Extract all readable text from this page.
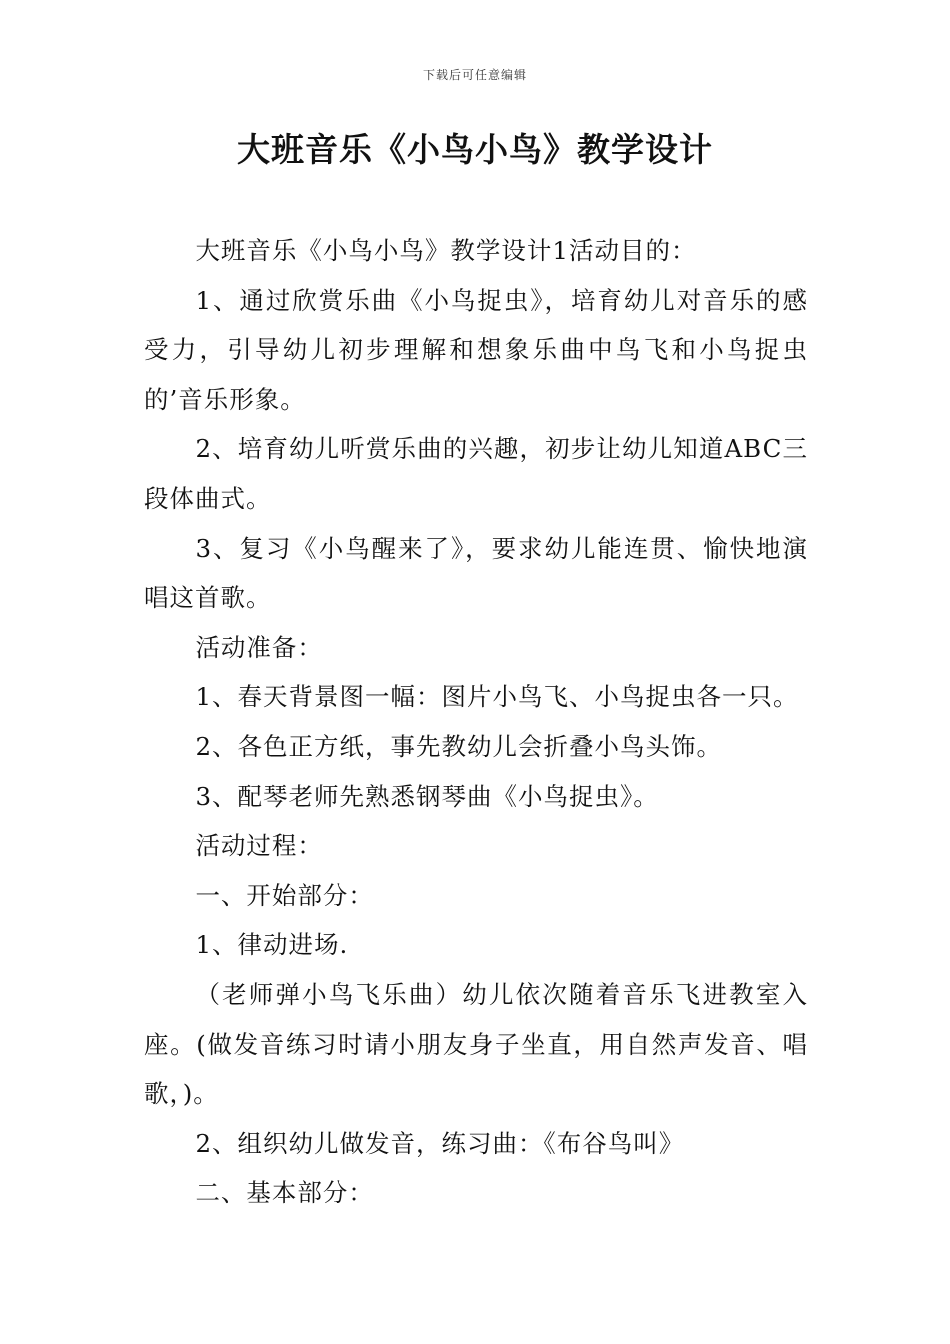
下载后可任意编辑
大班音乐《小鸟小鸟》教学设计

大班音乐《小鸟小鸟》教学设计1活动目的：

1、通过欣赏乐曲《小鸟捉虫》，培育幼儿对音乐的感受力，引导幼儿初步理解和想象乐曲中鸟飞和小鸟捉虫的’音乐形象。

2、培育幼儿听赏乐曲的兴趣，初步让幼儿知道ABC三段体曲式。

3、复习《小鸟醒来了》，要求幼儿能连贯、愉快地演唱这首歌。

活动准备：

1、春天背景图一幅：图片小鸟飞、小鸟捉虫各一只。

2、各色正方纸，事先教幼儿会折叠小鸟头饰。

3、配琴老师先熟悉钢琴曲《小鸟捉虫》。

活动过程：

一、开始部分：

1、律动进场.

（老师弹小鸟飞乐曲）幼儿依次随着音乐飞进教室入座。(做发音练习时请小朋友身子坐直，用自然声发音、唱歌，)。

2、组织幼儿做发音，练习曲：《布谷鸟叫》

二、基本部分：
